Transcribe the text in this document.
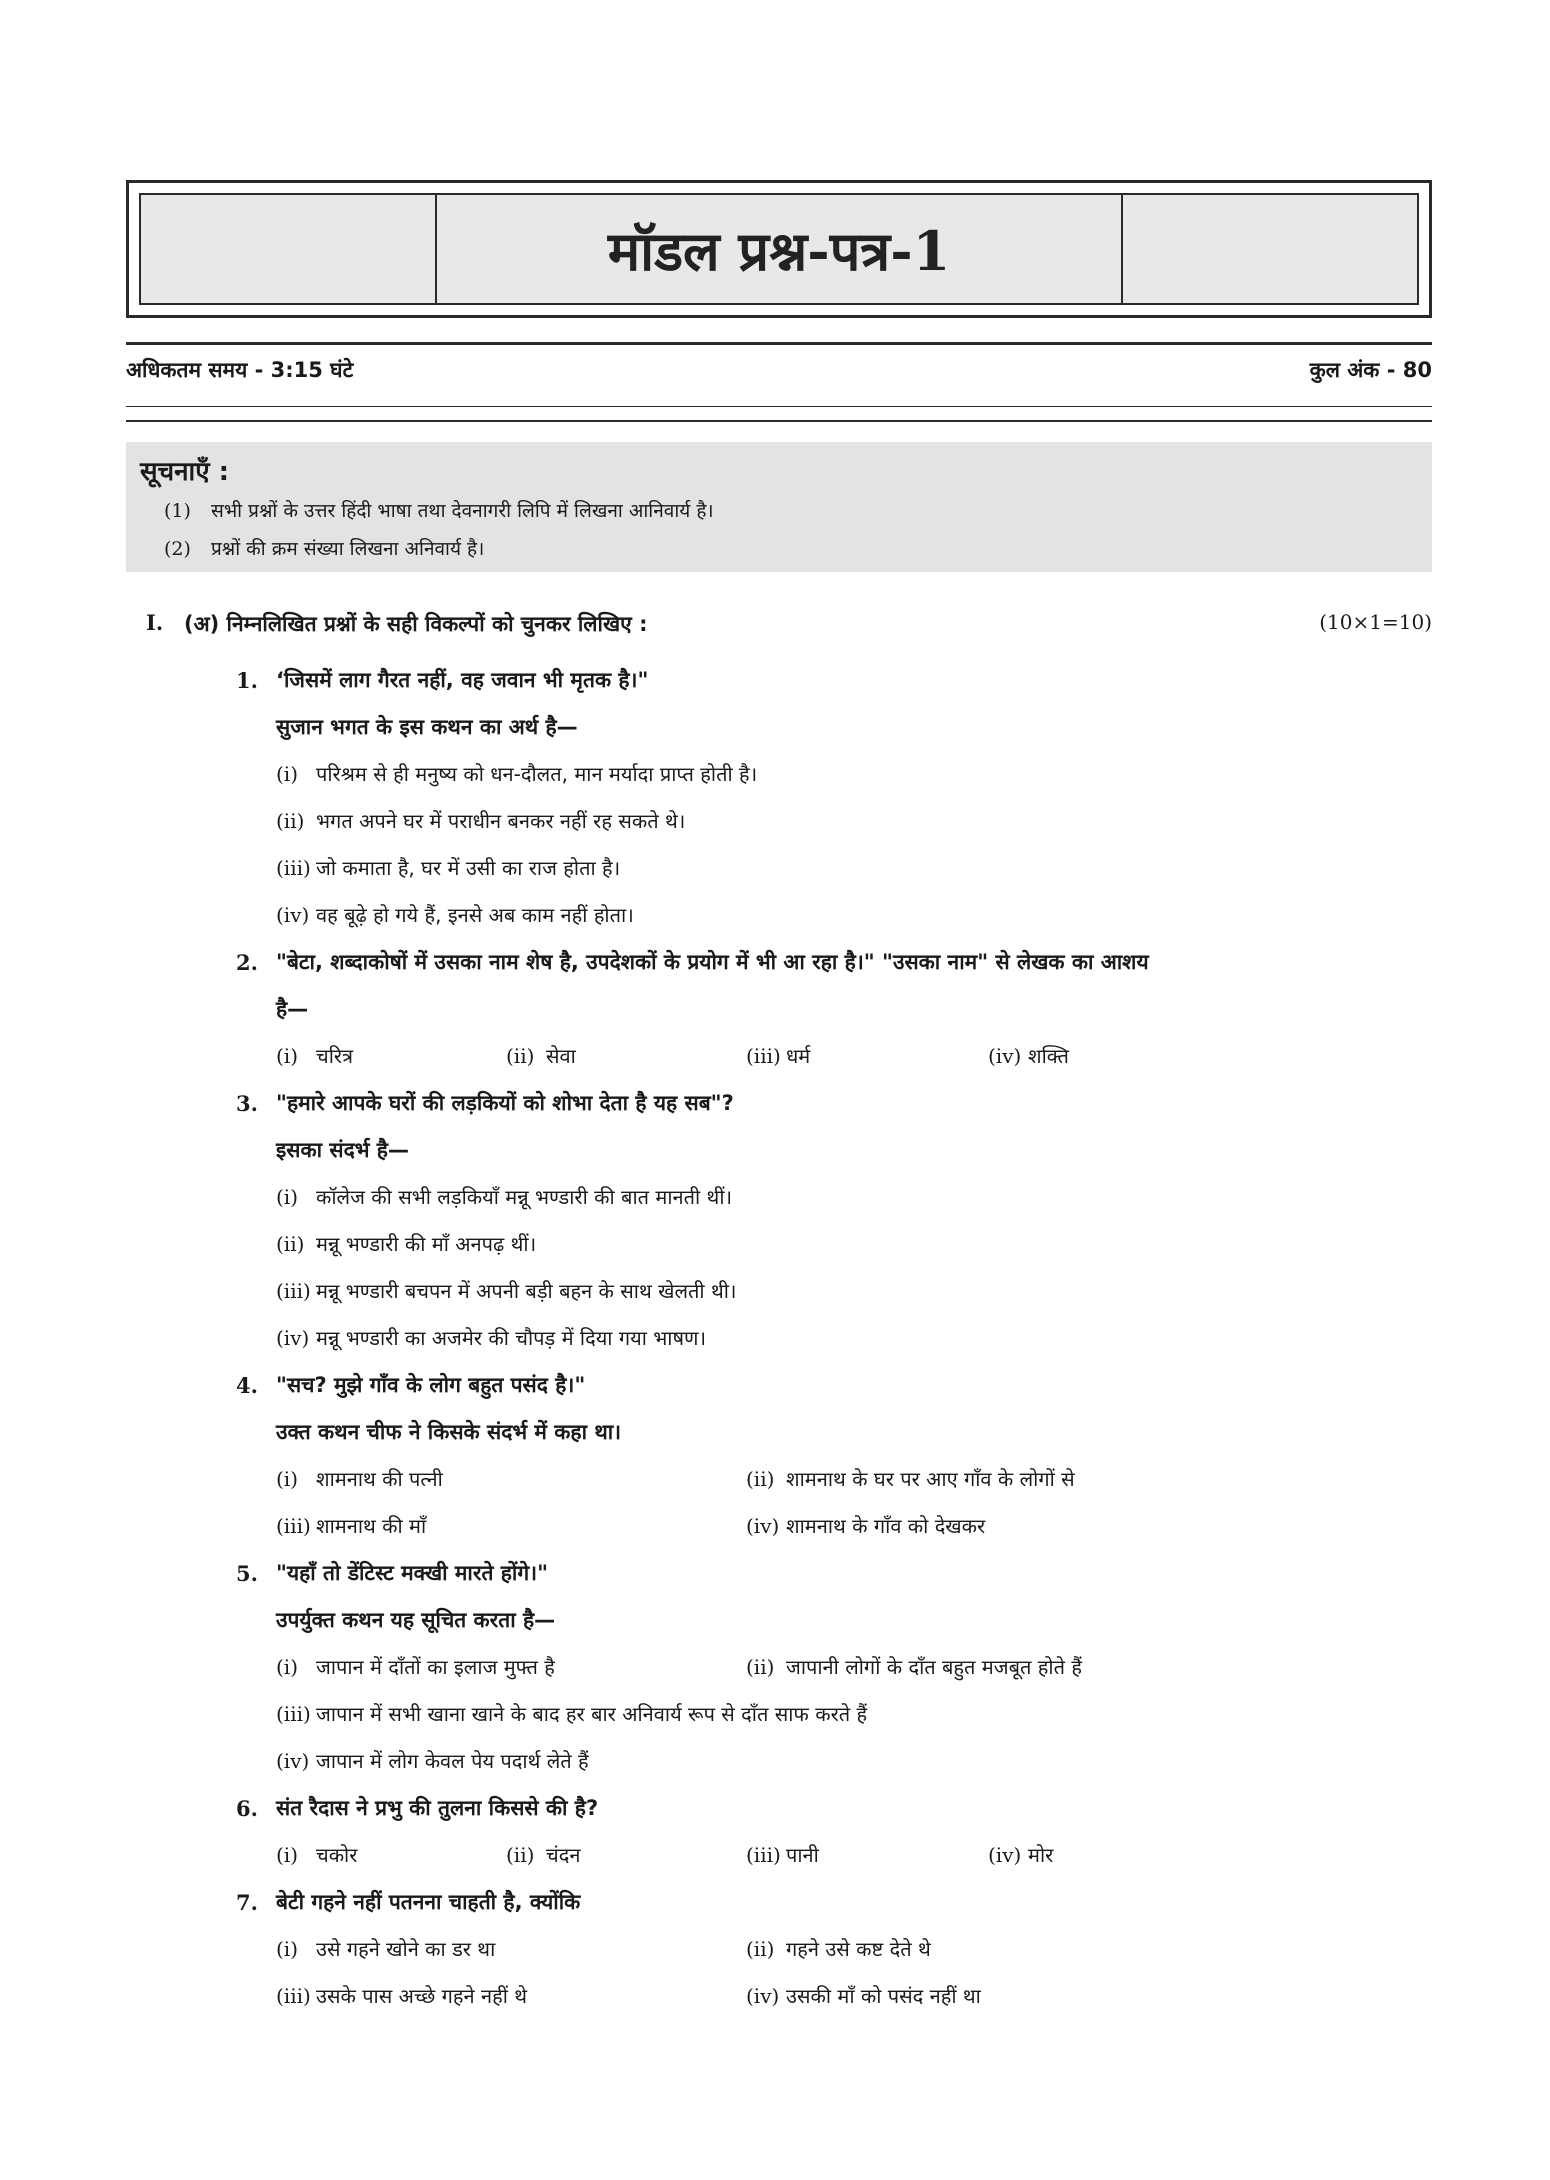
मॉडल प्रश्न-पत्र-1
अधिकतम समय - 3:15 घंटे	कुल अंक - 80
सूचनाएँ :
(1) सभी प्रश्नों के उत्तर हिंदी भाषा तथा देवनागरी लिपि में लिखना आनिवार्य है।
(2) प्रश्नों की क्रम संख्या लिखना अनिवार्य है।
I. (अ) निम्नलिखित प्रश्नों के सही विकल्पों को चुनकर लिखिए :	(10×1=10)
1. ‘जिसमें लाग गैरत नहीं, वह जवान भी मृतक है।"
सुजान भगत के इस कथन का अर्थ है—
(i) परिश्रम से ही मनुष्य को धन-दौलत, मान मर्यादा प्राप्त होती है।
(ii) भगत अपने घर में पराधीन बनकर नहीं रह सकते थे।
(iii) जो कमाता है, घर में उसी का राज होता है।
(iv) वह बूढ़े हो गये हैं, इनसे अब काम नहीं होता।
2. "बेटा, शब्दाकोषों में उसका नाम शेष है, उपदेशकों के प्रयोग में भी आ रहा है।" "उसका नाम" से लेखक का आशय
है—
(i) चरित्र	(ii) सेवा	(iii) धर्म	(iv) शक्ति
3. "हमारे आपके घरों की लड़कियों को शोभा देता है यह सब"?
इसका संदर्भ है—
(i) कॉलेज की सभी लड़कियाँ मन्नू भण्डारी की बात मानती थीं।
(ii) मन्नू भण्डारी की माँ अनपढ़ थीं।
(iii) मन्नू भण्डारी बचपन में अपनी बड़ी बहन के साथ खेलती थी।
(iv) मन्नू भण्डारी का अजमेर की चौपड़ में दिया गया भाषण।
4. "सच? मुझे गाँव के लोग बहुत पसंद है।"
उक्त कथन चीफ ने किसके संदर्भ में कहा था।
(i) शामनाथ की पत्नी	(ii) शामनाथ के घर पर आए गाँव के लोगों से
(iii) शामनाथ की माँ	(iv) शामनाथ के गाँव को देखकर
5. "यहाँ तो डेंटिस्ट मक्खी मारते होंगे।"
उपर्युक्त कथन यह सूचित करता है—
(i) जापान में दाँतों का इलाज मुफ्त है	(ii) जापानी लोगों के दाँत बहुत मजबूत होते हैं
(iii) जापान में सभी खाना खाने के बाद हर बार अनिवार्य रूप से दाँत साफ करते हैं
(iv) जापान में लोग केवल पेय पदार्थ लेते हैं
6. संत रैदास ने प्रभु की तुलना किससे की है?
(i) चकोर	(ii) चंदन	(iii) पानी	(iv) मोर
7. बेटी गहने नहीं पतनना चाहती है, क्योंकि
(i) उसे गहने खोने का डर था	(ii) गहने उसे कष्ट देते थे
(iii) उसके पास अच्छे गहने नहीं थे	(iv) उसकी माँ को पसंद नहीं था
